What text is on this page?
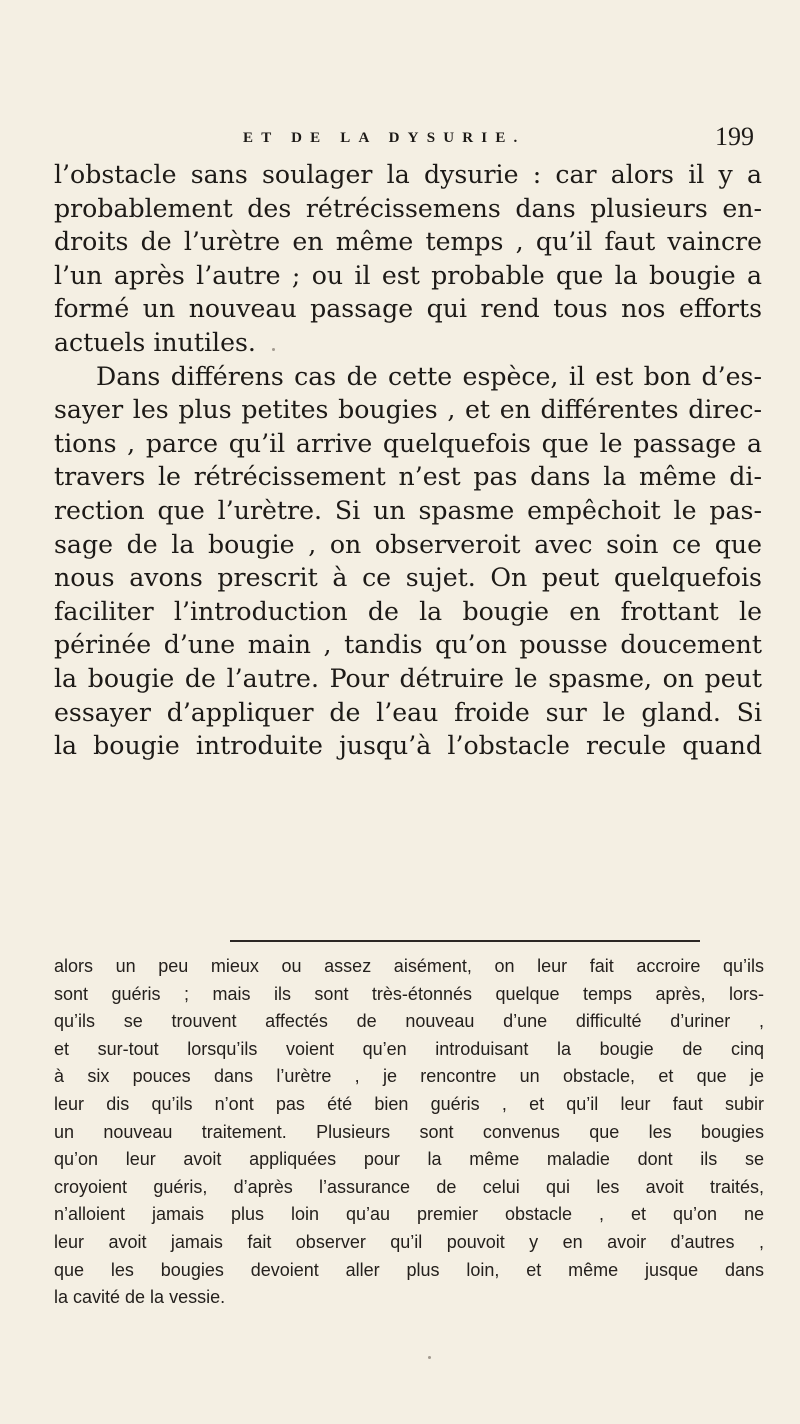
ET DE LA DYSURIE.	199
l’obstacle sans soulager la dysurie : car alors il y a
probablement des rétrécissemens dans plusieurs en-
droits de l’urètre en même temps , qu’il faut vaincre
l’un après l’autre ; ou il est probable que la bougie a
formé un nouveau passage qui rend tous nos efforts
actuels inutiles.
Dans différens cas de cette espèce, il est bon d’es-
sayer les plus petites bougies , et en différentes direc-
tions , parce qu’il arrive quelquefois que le passage a
travers le rétrécissement n’est pas dans la même di-
rection que l’urètre. Si un spasme empêchoit le pas-
sage de la bougie , on observeroit avec soin ce que
nous avons prescrit à ce sujet. On peut quelquefois
faciliter l’introduction de la bougie en frottant le
périnée d’une main , tandis qu’on pousse doucement
la bougie de l’autre. Pour détruire le spasme, on peut
essayer d’appliquer de l’eau froide sur le gland. Si
la bougie introduite jusqu’à l’obstacle recule quand
alors un peu mieux ou assez aisément, on leur fait accroire qu’ils
sont guéris ; mais ils sont très-étonnés quelque temps après, lors-
qu’ils se trouvent affectés de nouveau d’une difficulté d’uriner ,
et sur-tout lorsqu’ils voient qu’en introduisant la bougie de cinq
à six pouces dans l’urètre , je rencontre un obstacle, et que je
leur dis qu’ils n’ont pas été bien guéris , et qu’il leur faut subir
un nouveau traitement. Plusieurs sont convenus que les bougies
qu’on leur avoit appliquées pour la même maladie dont ils se
croyoient guéris, d’après l’assurance de celui qui les avoit traités,
n’alloient jamais plus loin qu’au premier obstacle , et qu’on ne
leur avoit jamais fait observer qu’il pouvoit y en avoir d’autres ,
que les bougies devoient aller plus loin, et même jusque dans
la cavité de la vessie.
